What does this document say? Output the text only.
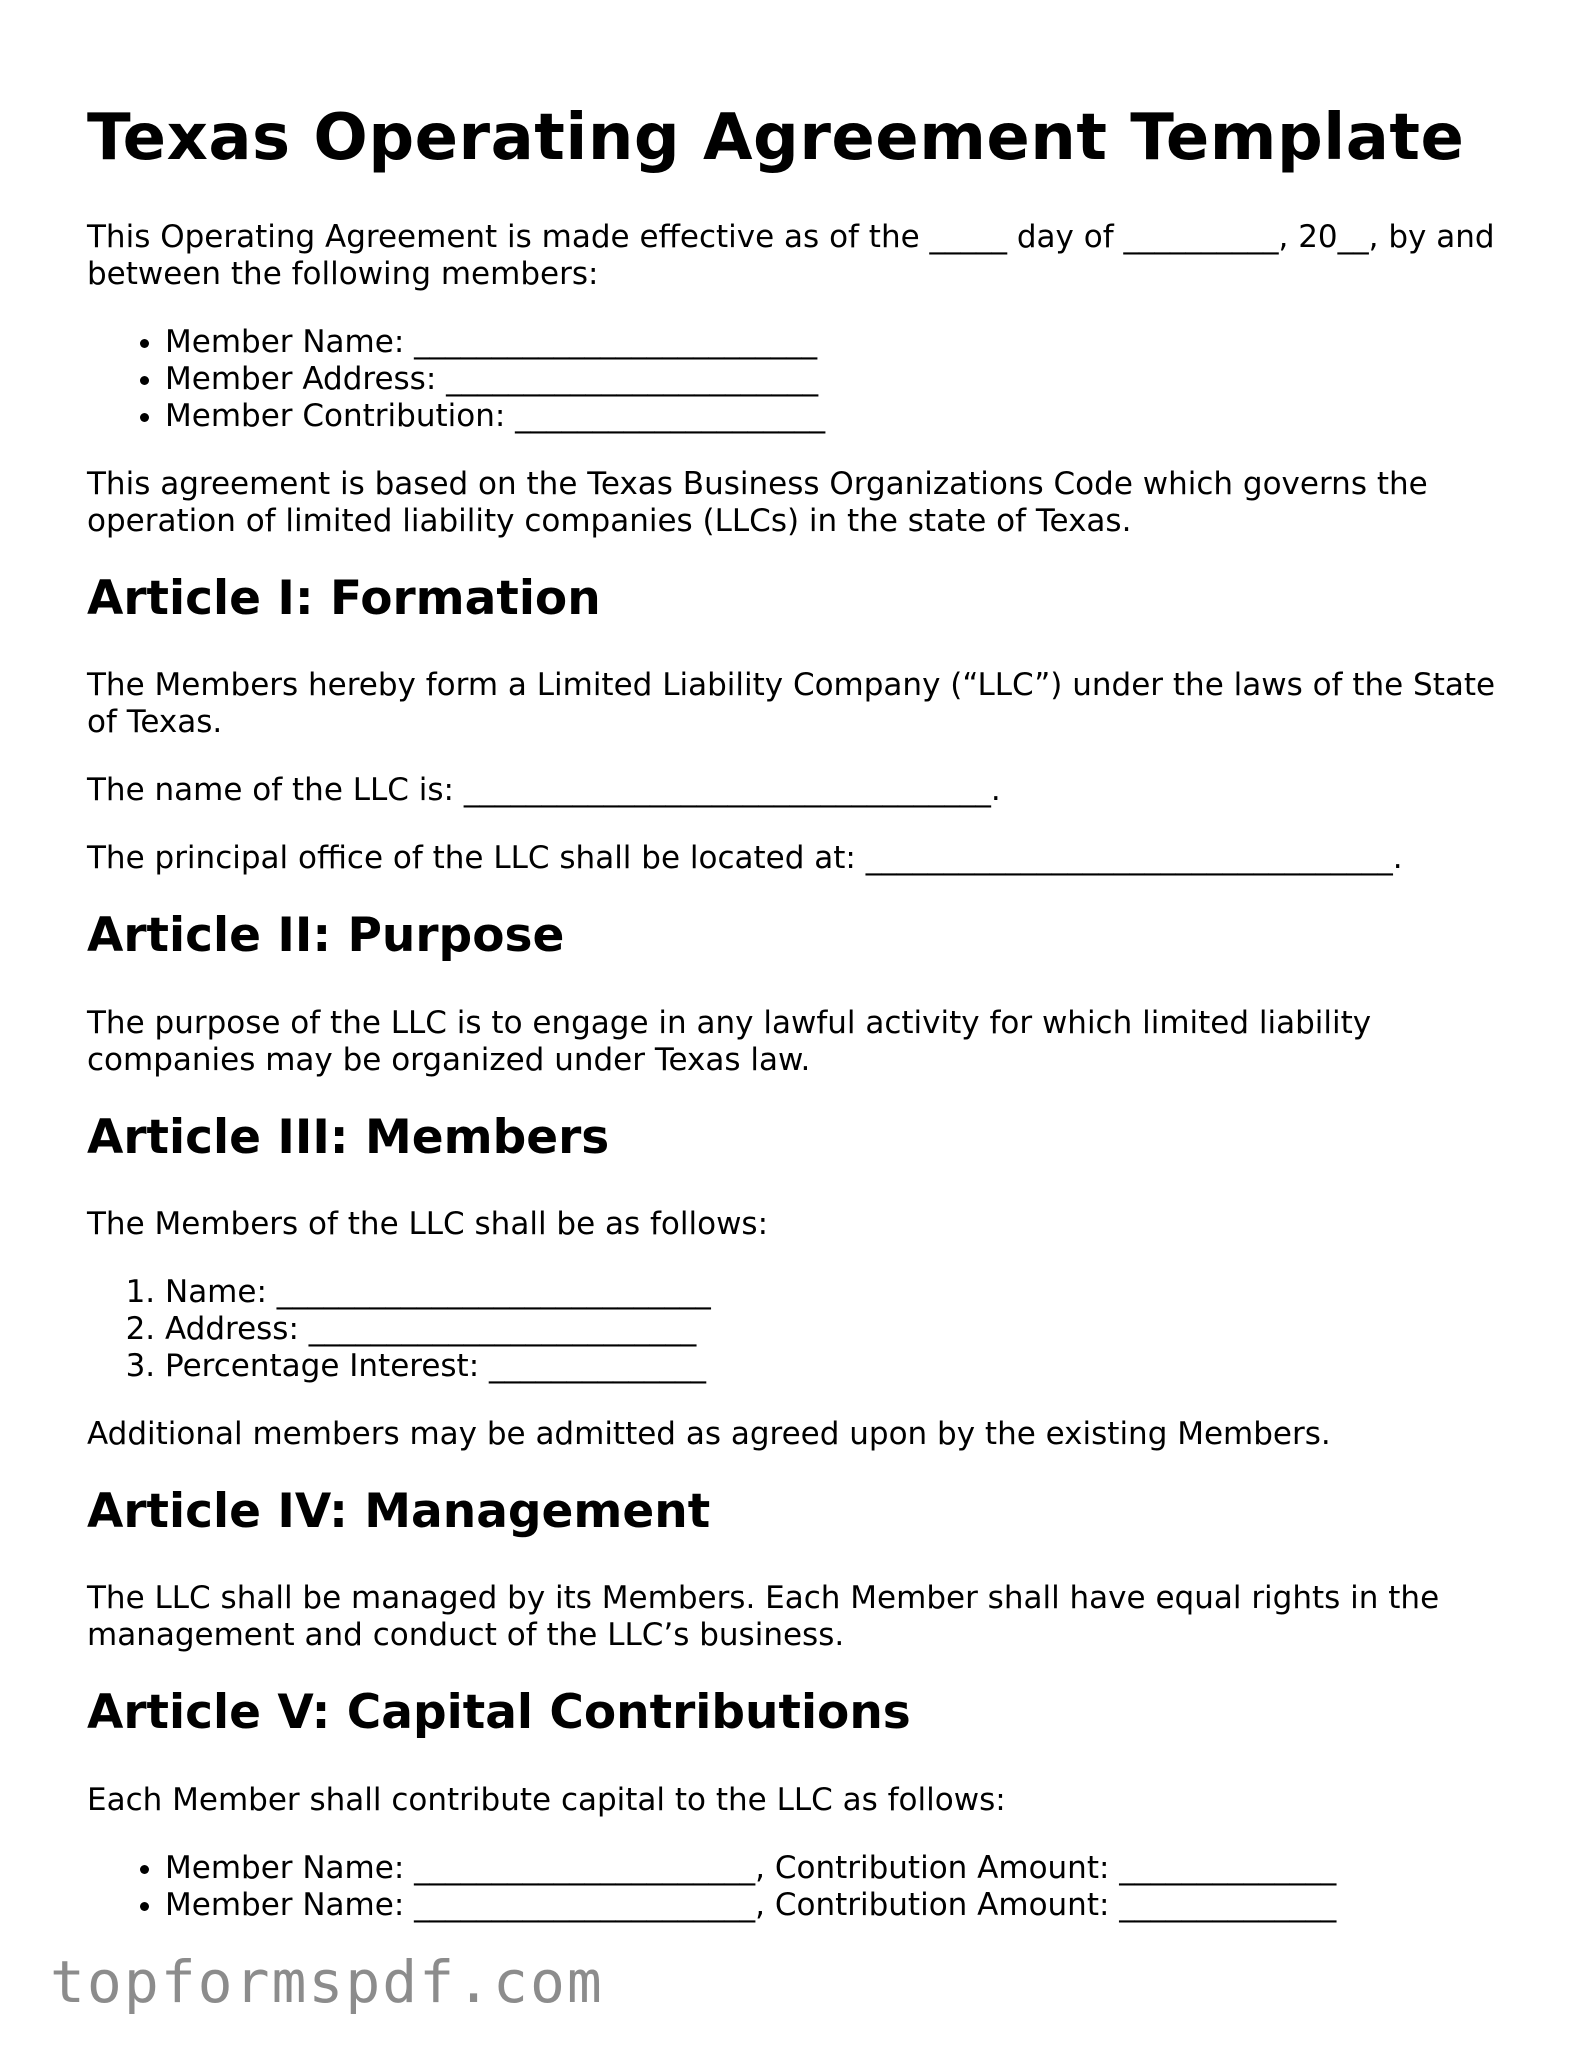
Texas Operating Agreement Template

This Operating Agreement is made effective as of the _____ day of __________, 20__, by and between the following members:

• Member Name: __________________________
• Member Address: ________________________
• Member Contribution: ____________________

This agreement is based on the Texas Business Organizations Code which governs the operation of limited liability companies (LLCs) in the state of Texas.

Article I: Formation

The Members hereby form a Limited Liability Company (“LLC”) under the laws of the State of Texas.

The name of the LLC is: __________________________________.

The principal office of the LLC shall be located at: __________________________________.

Article II: Purpose

The purpose of the LLC is to engage in any lawful activity for which limited liability companies may be organized under Texas law.

Article III: Members

The Members of the LLC shall be as follows:

1. Name: ____________________________
2. Address: _________________________
3. Percentage Interest: ______________

Additional members may be admitted as agreed upon by the existing Members.

Article IV: Management

The LLC shall be managed by its Members. Each Member shall have equal rights in the management and conduct of the LLC’s business.

Article V: Capital Contributions

Each Member shall contribute capital to the LLC as follows:

• Member Name: ______________________, Contribution Amount: ______________
• Member Name: ______________________, Contribution Amount: ______________
topformspdf.com
